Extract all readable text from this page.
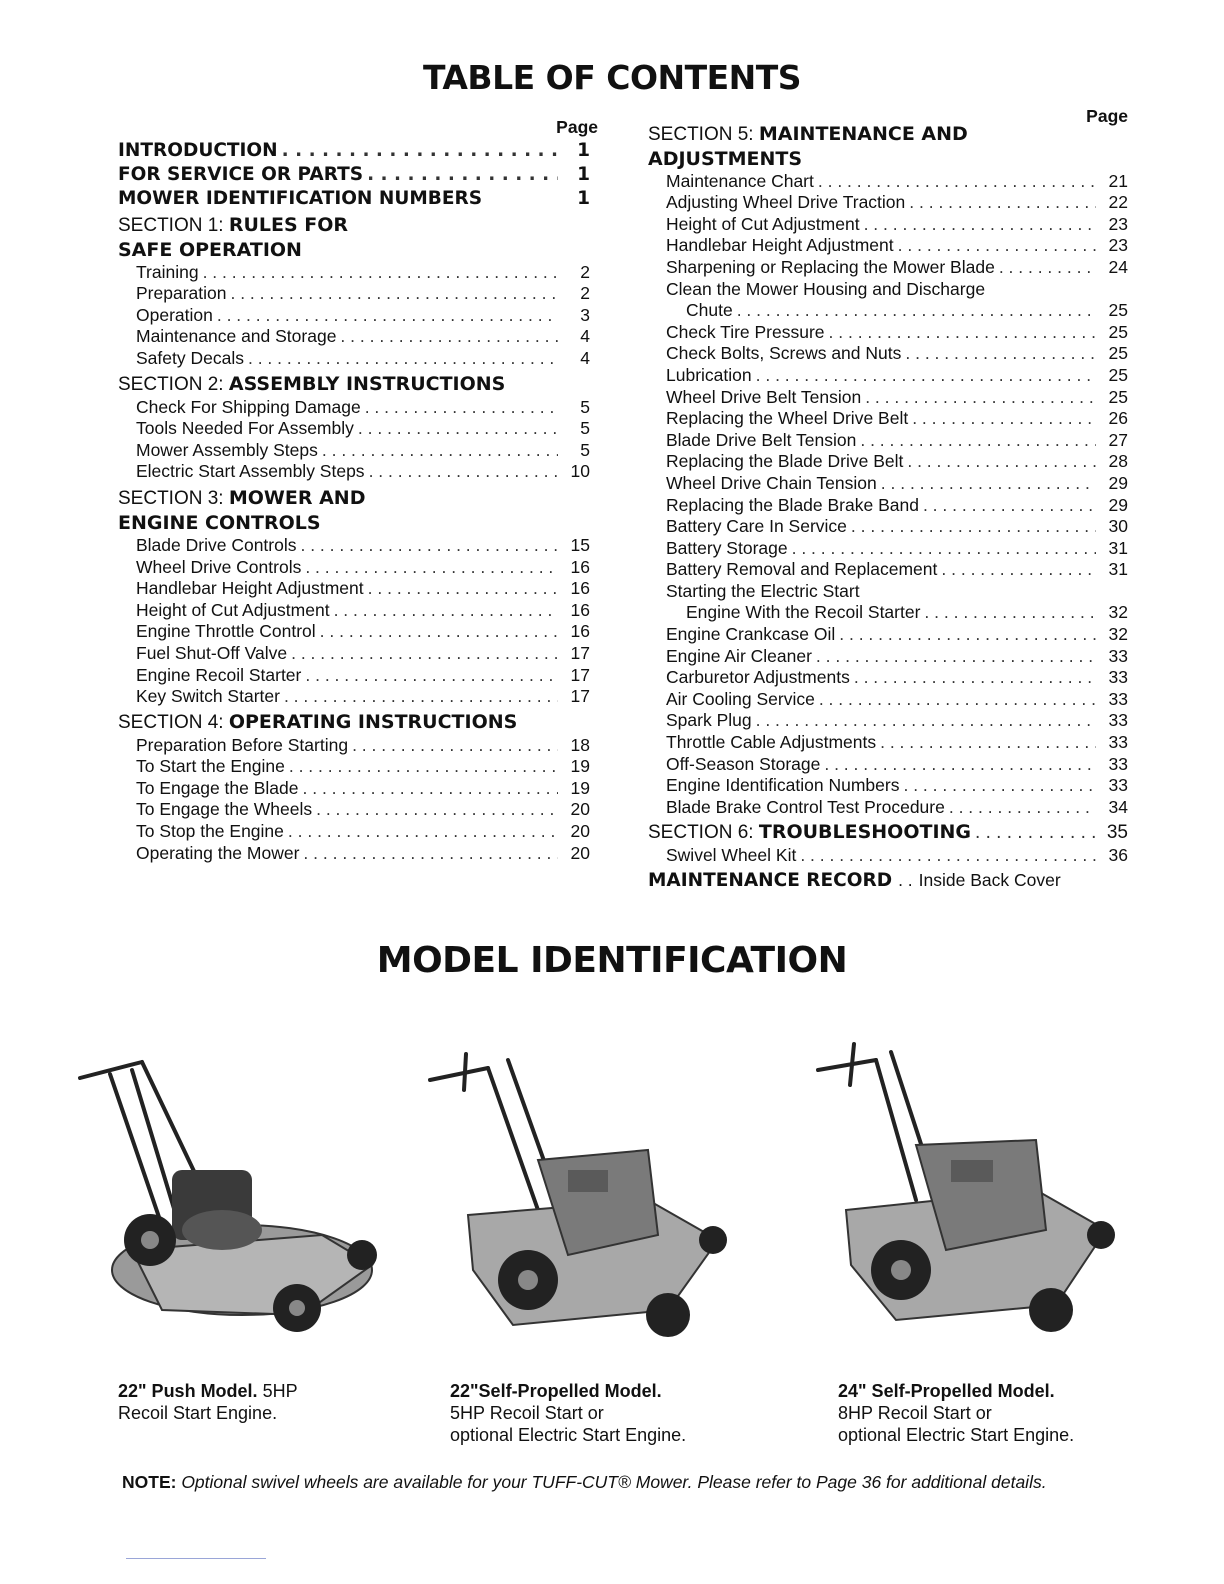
TABLE OF CONTENTS
Page
INTRODUCTION . . .	1
FOR SERVICE OR PARTS . . .	1
MOWER IDENTIFICATION NUMBERS	1
SECTION 1: RULES FOR
SAFE OPERATION
Training . . .	2
Preparation . . .	2
Operation . . .	3
Maintenance and Storage . . .	4
Safety Decals . . .	4
SECTION 2: ASSEMBLY INSTRUCTIONS
Check For Shipping Damage . . .	5
Tools Needed For Assembly . . .	5
Mower Assembly Steps . . .	5
Electric Start Assembly Steps . . .	10
SECTION 3: MOWER AND
ENGINE CONTROLS
Blade Drive Controls . . .	15
Wheel Drive Controls . . .	16
Handlebar Height Adjustment . . .	16
Height of Cut Adjustment . . .	16
Engine Throttle Control . . .	16
Fuel Shut-Off Valve . . .	17
Engine Recoil Starter . . .	17
Key Switch Starter . . .	17
SECTION 4: OPERATING INSTRUCTIONS
Preparation Before Starting . . .	18
To Start the Engine . . .	19
To Engage the Blade . . .	19
To Engage the Wheels . . .	20
To Stop the Engine . . .	20
Operating the Mower . . .	20
Page
SECTION 5: MAINTENANCE AND
ADJUSTMENTS
Maintenance Chart . . .	21
Adjusting Wheel Drive Traction . . .	22
Height of Cut Adjustment . . .	23
Handlebar Height Adjustment . . .	23
Sharpening or Replacing the Mower Blade . . .	24
Clean the Mower Housing and Discharge
Chute . . .	25
Check Tire Pressure . . .	25
Check Bolts, Screws and Nuts . . .	25
Lubrication . . .	25
Wheel Drive Belt Tension . . .	25
Replacing the Wheel Drive Belt . . .	26
Blade Drive Belt Tension . . .	27
Replacing the Blade Drive Belt . . .	28
Wheel Drive Chain Tension . . .	29
Replacing the Blade Brake Band . . .	29
Battery Care In Service . . .	30
Battery Storage . . .	31
Battery Removal and Replacement . . .	31
Starting the Electric Start
Engine With the Recoil Starter . . .	32
Engine Crankcase Oil . . .	32
Engine Air Cleaner . . .	33
Carburetor Adjustments . . .	33
Air Cooling Service . . .	33
Spark Plug . . .	33
Throttle Cable Adjustments . . .	33
Off-Season Storage . . .	33
Engine Identification Numbers . . .	33
Blade Brake Control Test Procedure . . .	34
SECTION 6: TROUBLESHOOTING . . .	35
Swivel Wheel Kit . . .	36
MAINTENANCE RECORD . . Inside Back Cover
MODEL IDENTIFICATION
22" Push Model. 5HP
Recoil Start Engine.
22"Self-Propelled Model.
5HP Recoil Start or
optional Electric Start Engine.
24" Self-Propelled Model.
8HP Recoil Start or
optional Electric Start Engine.
NOTE: Optional swivel wheels are available for your TUFF-CUT® Mower. Please refer to Page 36 for additional details.
